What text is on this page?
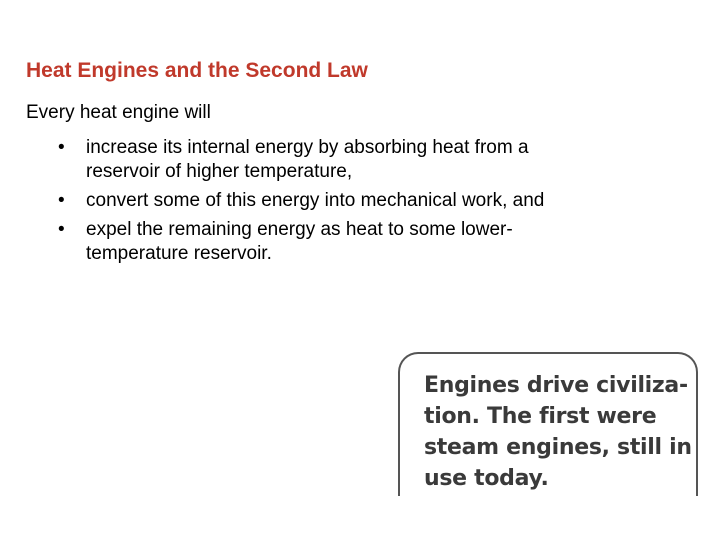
Heat Engines and the Second Law
Every heat engine will
• increase its internal energy by absorbing heat from a
reservoir of higher temperature,
• convert some of this energy into mechanical work, and
• expel the remaining energy as heat to some lower-
temperature reservoir.

Engines drive civiliza-
tion. The first were
steam engines, still in
use today.
